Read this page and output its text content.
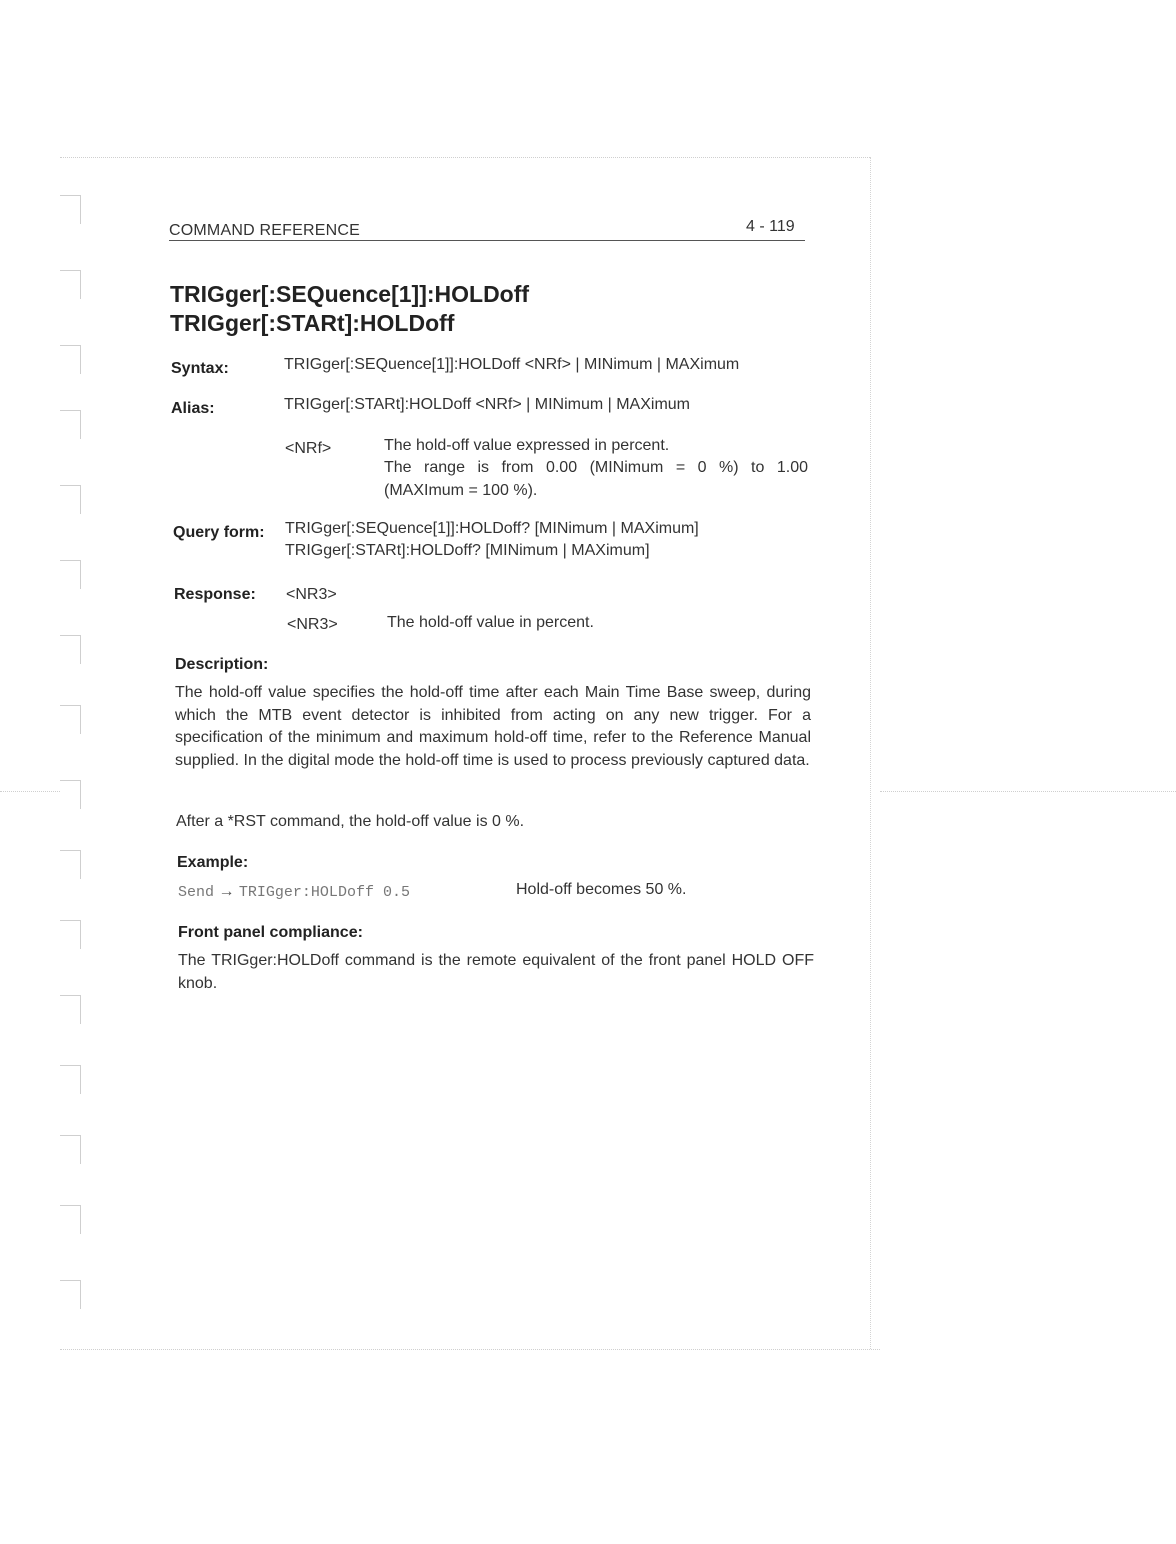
COMMAND REFERENCE	4 - 119
TRIGger[:SEQuence[1]]:HOLDoff
TRIGger[:STARt]:HOLDoff
Syntax:	TRIGger[:SEQuence[1]]:HOLDoff <NRf> | MINimum | MAXimum
Alias:	TRIGger[:STARt]:HOLDoff <NRf> | MINimum | MAXimum
<NRf>	The hold-off value expressed in percent.
The range is from 0.00 (MINimum = 0 %) to 1.00
(MAXImum = 100 %).
Query form: TRIGger[:SEQuence[1]]:HOLDoff? [MINimum | MAXimum]
TRIGger[:STARt]:HOLDoff? [MINimum | MAXimum]
Response: <NR3>
<NR3>	The hold-off value in percent.
Description:
The hold-off value specifies the hold-off time after each Main Time Base sweep, during which the MTB event detector is inhibited from acting on any new trigger. For a specification of the minimum and maximum hold-off time, refer to the Reference Manual supplied. In the digital mode the hold-off time is used to process previously captured data.
After a *RST command, the hold-off value is 0 %.
Example:
Send → TRIGger:HOLDoff 0.5	Hold-off becomes 50 %.
Front panel compliance:
The TRIGger:HOLDoff command is the remote equivalent of the front panel HOLD OFF knob.
